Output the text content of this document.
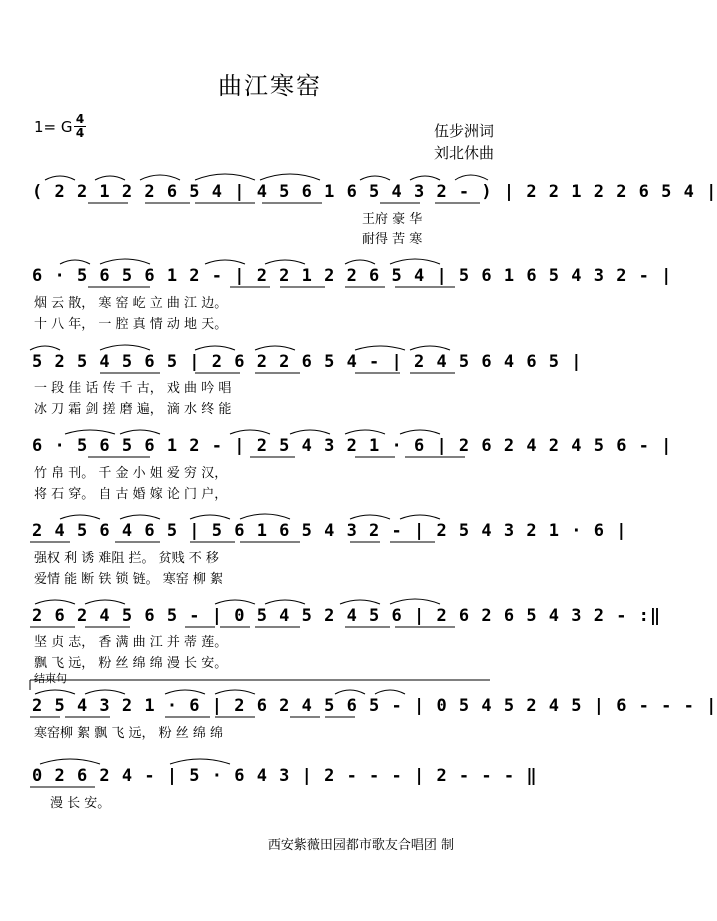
曲江寒窑
1= G 4
4	伍步洲词
刘北休曲
( 2 2 1 2 2 6 5 4 | 4 5 6 1 6 5 4 3 2 - ) | 2 2 1 2 2 6 5 4 |
王府 豪 华
耐得 苦 寒
6 · 5 6 5 6 1 2 - | 2 2 1 2 2 6 5 4 | 5 6 1 6 5 4 3 2 - |
烟 云 散， 寒 窑 屹 立 曲 江 边。
十 八 年， 一 腔 真 情 动 地 天。
5 2 5 4 5 6 5 | 2 6 2 2 6 5 4 - | 2 4 5 6 4 6 5 |
一 段 佳 话 传 千 古， 戏 曲 吟 唱
冰 刀 霜 剑 搓 磨 遍， 滴 水 终 能
6 · 5 6 5 6 1 2 - | 2 5 4 3 2 1 · 6 | 2 6 2 4 2 4 5 6 - |
竹 帛 刊。 千 金 小 姐 爱 穷 汉，
将 石 穿。 自 古 婚 嫁 论 门 户，
2 4 5 6 4 6 5 | 5 6 1 6 5 4 3 2 - | 2 5 4 3 2 1 · 6 |
强权 利 诱 难阻 拦。 贫贱 不 移
爱情 能 断 铁 锁 链。 寒窑 柳 絮
2 6 2 4 5 6 5 - | 0 5 4 5 2 4 5 6 | 2 6 2 6 5 4 3 2 - :‖
坚 贞 志， 香 满 曲 江 并 蒂 莲。
飘 飞 远， 粉 丝 绵 绵 漫 长 安。
结束句
2 5 4 3 2 1 · 6 | 2 6 2 4 5 6 5 - | 0 5 4 5 2 4 5 | 6 - - - |
寒窑柳 絮 飘 飞 远， 粉 丝 绵 绵
0 2 6 2 4 - | 5 · 6 4 3 | 2 - - - | 2 - - - ‖
漫 长 安。
西安紫薇田园都市歌友合唱团 制
